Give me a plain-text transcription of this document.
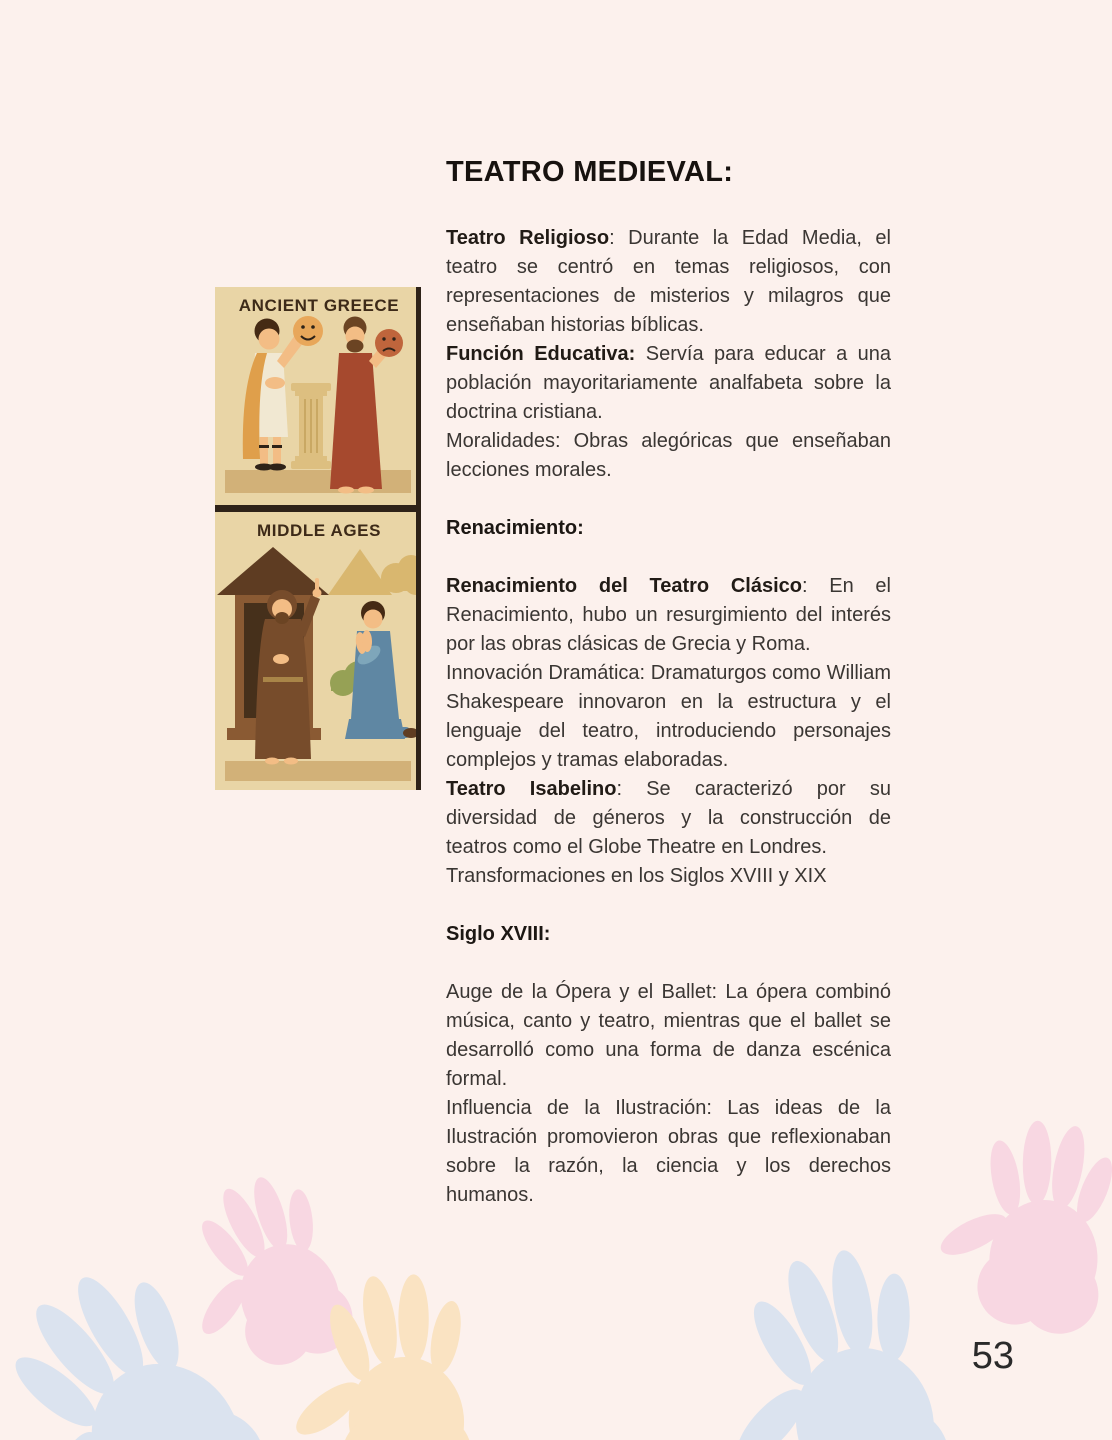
ANCIENT GREECE
MIDDLE AGES
TEATRO MEDIEVAL:

Teatro Religioso: Durante la Edad Media, el teatro se centró en temas religiosos, con representaciones de misterios y milagros que enseñaban historias bíblicas.

Función Educativa: Servía para educar a una población mayoritariamente analfabeta sobre la doctrina cristiana.

Moralidades: Obras alegóricas que enseñaban lecciones morales.

Renacimiento:

Renacimiento del Teatro Clásico: En el Renacimiento, hubo un resurgimiento del interés por las obras clásicas de Grecia y Roma.

Innovación Dramática: Dramaturgos como William Shakespeare innovaron en la estructura y el lenguaje del teatro, introduciendo personajes complejos y tramas elaboradas.

Teatro Isabelino: Se caracterizó por su diversidad de géneros y la construcción de teatros como el Globe Theatre en Londres.

Transformaciones en los Siglos XVIII y XIX

Siglo XVIII:

Auge de la Ópera y el Ballet: La ópera combinó música, canto y teatro, mientras que el ballet se desarrolló como una forma de danza escénica formal.

Influencia de la Ilustración: Las ideas de la Ilustración promovieron obras que reflexionaban sobre la razón, la ciencia y los derechos humanos.

53
